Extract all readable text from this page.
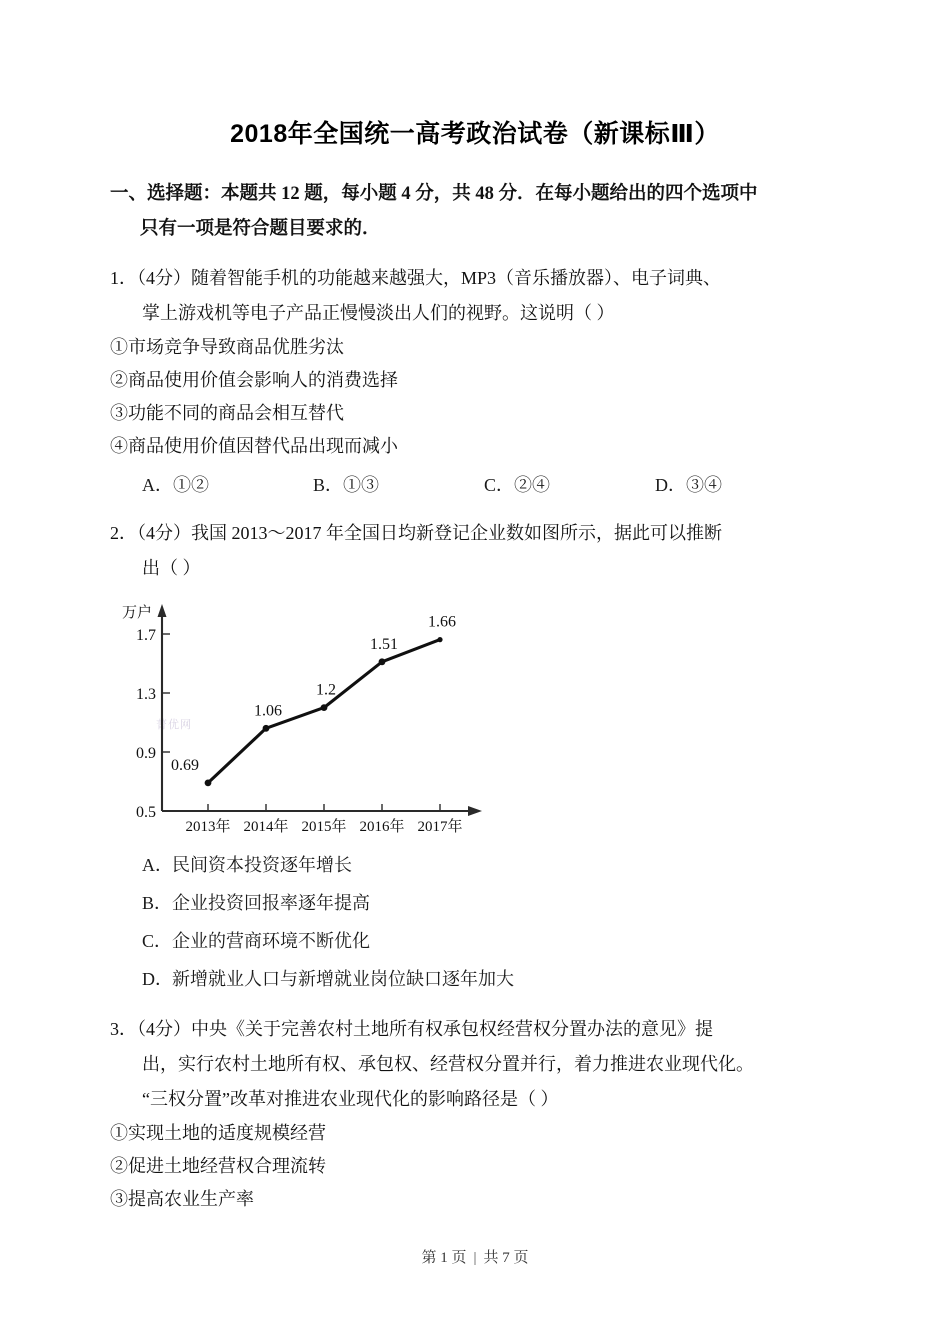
2018年全国统一高考政治试卷（新课标Ⅲ）
一、选择题：本题共 12 题，每小题 4 分，共 48 分．在每小题给出的四个选项中
只有一项是符合题目要求的．
1．（4分）随着智能手机的功能越来越强大，MP3（音乐播放器）、电子词典、
掌上游戏机等电子产品正慢慢淡出人们的视野。这说明（ ）
①市场竞争导致商品优胜劣汰
②商品使用价值会影响人的消费选择
③功能不同的商品会相互替代
④商品使用价值因替代品出现而减小
A．①②	B．①③	C．②④	D．③④
2．（4分）我国 2013～2017 年全国日均新登记企业数如图所示，据此可以推断
出（ ）
菁优网
万户
0.5
0.9
1.3
1.7
0.69
1.06
1.2
1.51
1.66
2013年 2014年 2015年 2016年 2017年
A．民间资本投资逐年增长
B．企业投资回报率逐年提高
C．企业的营商环境不断优化
D．新增就业人口与新增就业岗位缺口逐年加大
3．（4分）中央《关于完善农村土地所有权承包权经营权分置办法的意见》提
出，实行农村土地所有权、承包权、经营权分置并行，着力推进农业现代化。
“三权分置”改革对推进农业现代化的影响路径是（ ）
①实现土地的适度规模经营
②促进土地经营权合理流转
③提高农业生产率
第 1 页 | 共 7 页
